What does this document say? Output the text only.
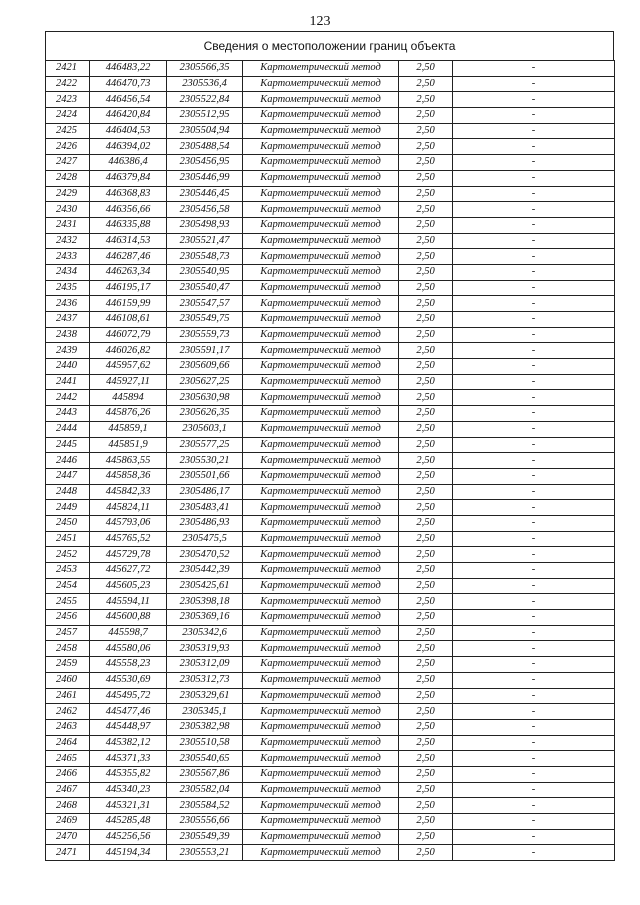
123
Сведения о местоположении границ объекта
2421	446483,22	2305566,35	Картометрический метод	2,50	-
2422	446470,73	2305536,4	Картометрический метод	2,50	-
2423	446456,54	2305522,84	Картометрический метод	2,50	-
2424	446420,84	2305512,95	Картометрический метод	2,50	-
2425	446404,53	2305504,94	Картометрический метод	2,50	-
2426	446394,02	2305488,54	Картометрический метод	2,50	-
2427	446386,4	2305456,95	Картометрический метод	2,50	-
2428	446379,84	2305446,99	Картометрический метод	2,50	-
2429	446368,83	2305446,45	Картометрический метод	2,50	-
2430	446356,66	2305456,58	Картометрический метод	2,50	-
2431	446335,88	2305498,93	Картометрический метод	2,50	-
2432	446314,53	2305521,47	Картометрический метод	2,50	-
2433	446287,46	2305548,73	Картометрический метод	2,50	-
2434	446263,34	2305540,95	Картометрический метод	2,50	-
2435	446195,17	2305540,47	Картометрический метод	2,50	-
2436	446159,99	2305547,57	Картометрический метод	2,50	-
2437	446108,61	2305549,75	Картометрический метод	2,50	-
2438	446072,79	2305559,73	Картометрический метод	2,50	-
2439	446026,82	2305591,17	Картометрический метод	2,50	-
2440	445957,62	2305609,66	Картометрический метод	2,50	-
2441	445927,11	2305627,25	Картометрический метод	2,50	-
2442	445894	2305630,98	Картометрический метод	2,50	-
2443	445876,26	2305626,35	Картометрический метод	2,50	-
2444	445859,1	2305603,1	Картометрический метод	2,50	-
2445	445851,9	2305577,25	Картометрический метод	2,50	-
2446	445863,55	2305530,21	Картометрический метод	2,50	-
2447	445858,36	2305501,66	Картометрический метод	2,50	-
2448	445842,33	2305486,17	Картометрический метод	2,50	-
2449	445824,11	2305483,41	Картометрический метод	2,50	-
2450	445793,06	2305486,93	Картометрический метод	2,50	-
2451	445765,52	2305475,5	Картометрический метод	2,50	-
2452	445729,78	2305470,52	Картометрический метод	2,50	-
2453	445627,72	2305442,39	Картометрический метод	2,50	-
2454	445605,23	2305425,61	Картометрический метод	2,50	-
2455	445594,11	2305398,18	Картометрический метод	2,50	-
2456	445600,88	2305369,16	Картометрический метод	2,50	-
2457	445598,7	2305342,6	Картометрический метод	2,50	-
2458	445580,06	2305319,93	Картометрический метод	2,50	-
2459	445558,23	2305312,09	Картометрический метод	2,50	-
2460	445530,69	2305312,73	Картометрический метод	2,50	-
2461	445495,72	2305329,61	Картометрический метод	2,50	-
2462	445477,46	2305345,1	Картометрический метод	2,50	-
2463	445448,97	2305382,98	Картометрический метод	2,50	-
2464	445382,12	2305510,58	Картометрический метод	2,50	-
2465	445371,33	2305540,65	Картометрический метод	2,50	-
2466	445355,82	2305567,86	Картометрический метод	2,50	-
2467	445340,23	2305582,04	Картометрический метод	2,50	-
2468	445321,31	2305584,52	Картометрический метод	2,50	-
2469	445285,48	2305556,66	Картометрический метод	2,50	-
2470	445256,56	2305549,39	Картометрический метод	2,50	-
2471	445194,34	2305553,21	Картометрический метод	2,50	-
